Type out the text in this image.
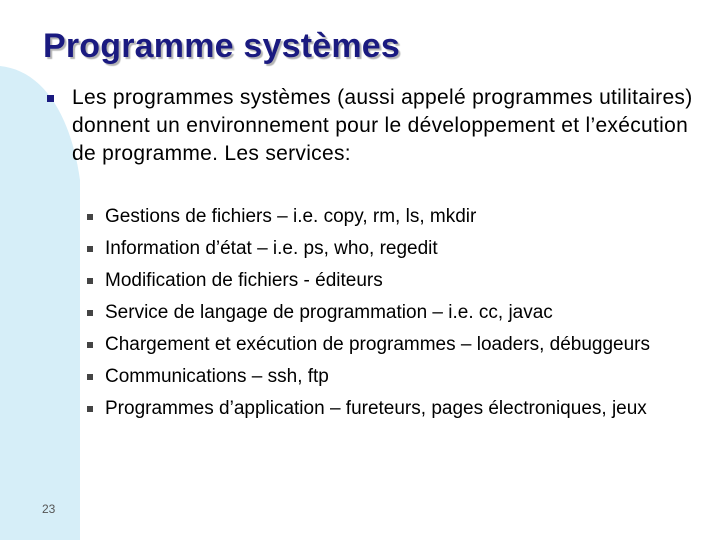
Programme systèmes
Les programmes systèmes (aussi appelé programmes utilitaires) donnent un environnement pour le développement et l’exécution de programme. Les services:
Gestions de fichiers – i.e. copy, rm, ls, mkdir
Information d’état – i.e. ps, who, regedit
Modification de fichiers - éditeurs
Service de langage de programmation – i.e. cc, javac
Chargement et exécution de programmes – loaders, débuggeurs
Communications – ssh, ftp
Programmes d’application – fureteurs, pages électroniques, jeux
23
